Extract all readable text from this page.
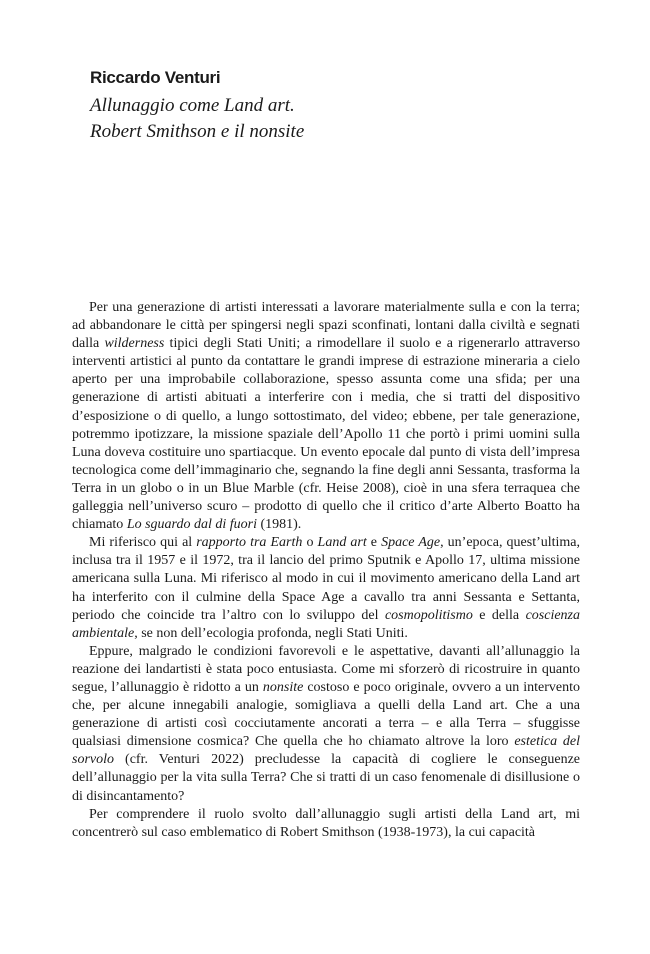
Riccardo Venturi
Allunaggio come Land art.
Robert Smithson e il nonsite

Per una generazione di artisti interessati a lavorare materialmente sulla e con la terra; ad abbandonare le città per spingersi negli spazi sconfinati, lontani dalla civiltà e segnati dalla wilderness tipici degli Stati Uniti; a rimodellare il suolo e a rigenerarlo attraverso interventi artistici al punto da contattare le grandi imprese di estrazione mineraria a cielo aperto per una improbabile collaborazione, spesso assunta come una sfida; per una generazione di artisti abituati a interferire con i media, che si tratti del dispositivo d’esposizione o di quello, a lungo sottostimato, del video; ebbene, per tale generazione, potremmo ipotizzare, la missione spaziale dell’Apollo 11 che portò i primi uomini sulla Luna doveva costituire uno spartiacque. Un evento epocale dal punto di vista dell’impresa tecnologica come dell’immaginario che, segnando la fine degli anni Sessanta, trasforma la Terra in un globo o in un Blue Marble (cfr. Heise 2008), cioè in una sfera terraquea che galleggia nell’universo scuro – prodotto di quello che il critico d’arte Alberto Boatto ha chiamato Lo sguardo dal di fuori (1981).

Mi riferisco qui al rapporto tra Earth o Land art e Space Age, un’epoca, quest’ultima, inclusa tra il 1957 e il 1972, tra il lancio del primo Sputnik e Apollo 17, ultima missione americana sulla Luna. Mi riferisco al modo in cui il movimento americano della Land art ha interferito con il culmine della Space Age a cavallo tra anni Sessanta e Settanta, periodo che coincide tra l’altro con lo sviluppo del cosmopolitismo e della coscienza ambientale, se non dell’ecologia profonda, negli Stati Uniti.

Eppure, malgrado le condizioni favorevoli e le aspettative, davanti all’allunaggio la reazione dei landartisti è stata poco entusiasta. Come mi sforzerò di ricostruire in quanto segue, l’allunaggio è ridotto a un nonsite costoso e poco originale, ovvero a un intervento che, per alcune innegabili analogie, somigliava a quelli della Land art. Che a una generazione di artisti così cocciutamente ancorati a terra – e alla Terra – sfuggisse qualsiasi dimensione cosmica? Che quella che ho chiamato altrove la loro estetica del sorvolo (cfr. Venturi 2022) precludesse la capacità di cogliere le conseguenze dell’allunaggio per la vita sulla Terra? Che si tratti di un caso fenomenale di disillusione o di disincantamento?

Per comprendere il ruolo svolto dall’allunaggio sugli artisti della Land art, mi concentrerò sul caso emblematico di Robert Smithson (1938-1973), la cui capacità
